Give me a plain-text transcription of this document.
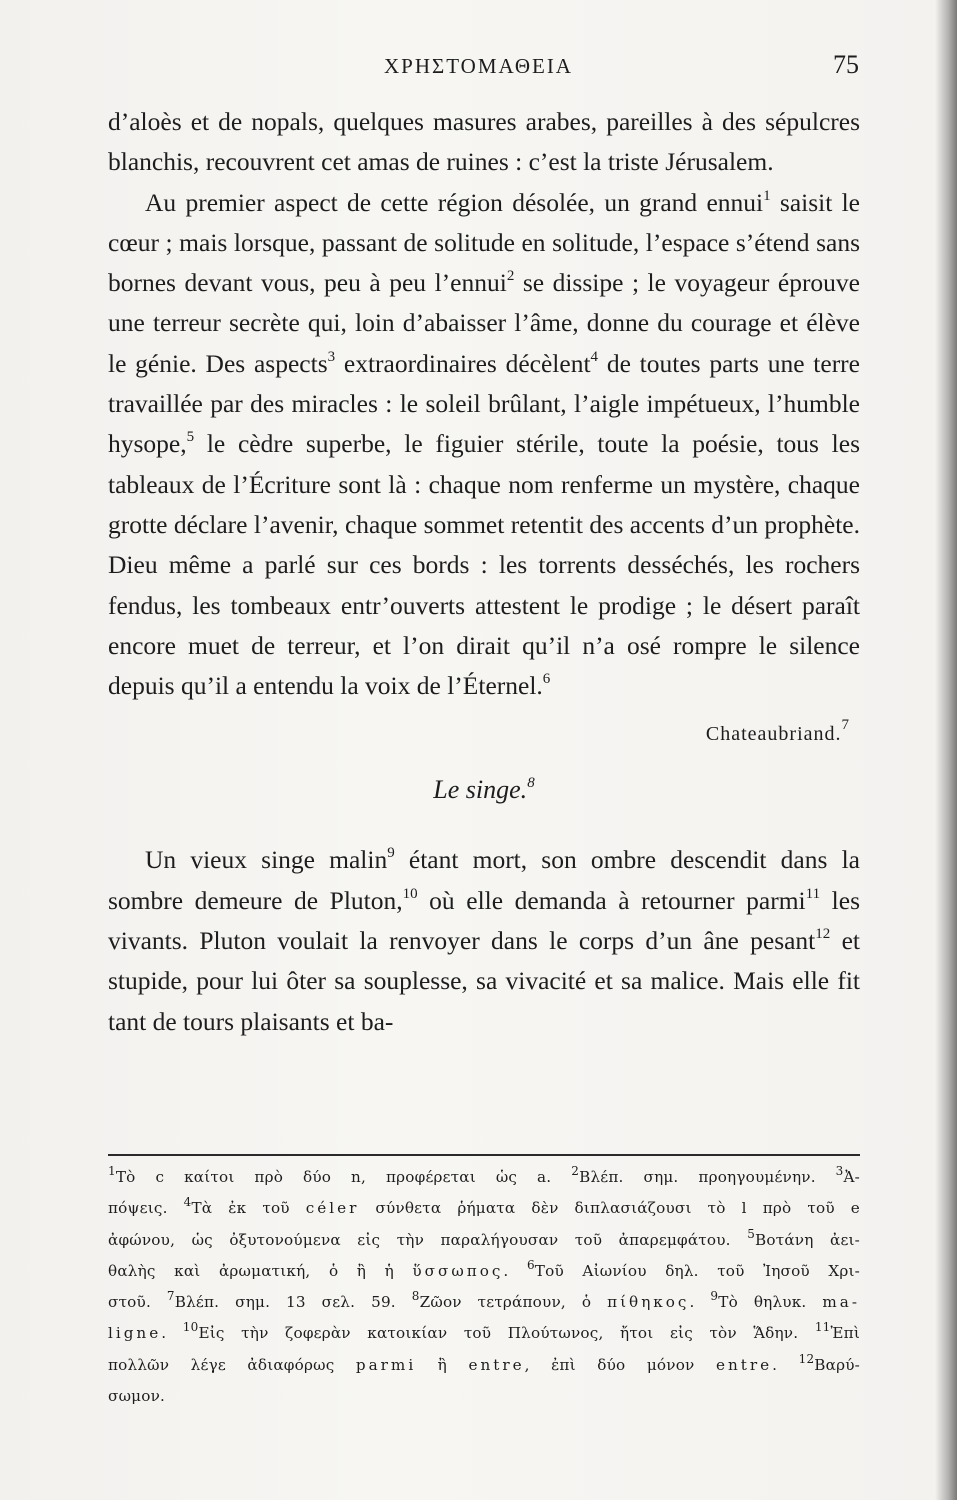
ΧΡΗΣΤΟΜΑΘΕΙΑ	75

d’aloès et de nopals, quelques masures arabes, pareilles à des sépulcres blanchis, recouvrent cet amas de ruines : c’est la triste Jérusalem.

Au premier aspect de cette région désolée, un grand ennui$^1$ saisit le cœur ; mais lorsque, passant de solitude en solitude, l’espace s’étend sans bornes devant vous, peu à peu l’ennui$^2$ se dissipe ; le voyageur éprouve une terreur secrète qui, loin d’abaisser l’âme, donne du courage et élève le génie. Des aspects$^3$ extraordinaires décèlent$^4$ de toutes parts une terre travaillée par des miracles : le soleil brûlant, l’aigle impétueux, l’humble hysope,$^5$ le cèdre superbe, le figuier stérile, toute la poésie, tous les tableaux de l’Écriture sont là : chaque nom renferme un mystère, chaque grotte déclare l’avenir, chaque sommet retentit des accents d’un prophète. Dieu même a parlé sur ces bords : les torrents desséchés, les rochers fendus, les tombeaux entr’ouverts attestent le prodige ; le désert paraît encore muet de terreur, et l’on dirait qu’il n’a osé rompre le silence depuis qu’il a entendu la voix de l’Éternel.$^6$

Chateaubriand.$^7$

Le singe.$^8$

Un vieux singe malin$^9$ étant mort, son ombre descendit dans la sombre demeure de Pluton,$^{10}$ où elle demanda à retourner parmi$^{11}$ les vivants. Pluton voulait la renvoyer dans le corps d’un âne pesant$^{12}$ et stupide, pour lui ôter sa souplesse, sa vivacité et sa malice. Mais elle fit tant de tours plaisants et ba-

$^1$Τὸ c καίτοι πρὸ δύο n, προφέρεται ὡς a. $^2$Βλέπ. σημ. προηγουμένην. $^3$Ἀ-
πόψεις. $^4$Τὰ ἐκ τοῦ céler σύνθετα ῥήματα δὲν διπλασιάζουσι τὸ l πρὸ τοῦ e
ἀφώνου, ὡς ὀξυτονούμενα εἰς τὴν παραλήγουσαν τοῦ ἀπαρεμφάτου. $^5$Βοτάνη ἀει-
θαλὴς καὶ ἀρωματική, ὁ ἢ ἡ ὕσσωπος. $^6$Τοῦ Αἰωνίου δηλ. τοῦ Ἰησοῦ Χρι-
στοῦ. $^7$Βλέπ. σημ. 13 σελ. 59. $^8$Ζῶον τετράπουν, ὁ πίθηκος. $^9$Τὸ θηλυκ. ma-
ligne. $^{10}$Εἰς τὴν ζοφερὰν κατοικίαν τοῦ Πλούτωνος, ἤτοι εἰς τὸν Ἅδην. $^{11}$Ἐπὶ
πολλῶν λέγε ἀδιαφόρως parmi ἢ entre, ἐπὶ δύο μόνον entre. $^{12}$Βαρύ-
σωμον.
